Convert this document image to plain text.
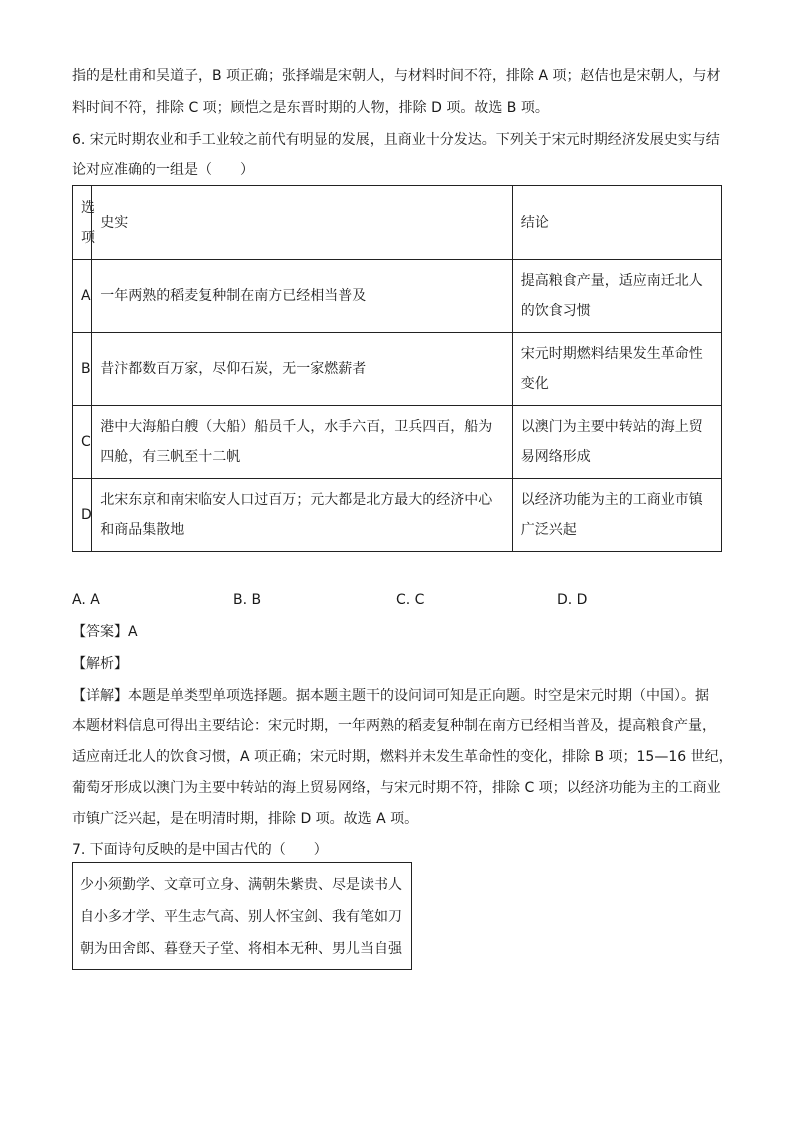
指的是杜甫和吴道子，B 项正确；张择端是宋朝人，与材料时间不符，排除 A 项；赵佶也是宋朝人，与材
料时间不符，排除 C 项；顾恺之是东晋时期的人物，排除 D 项。故选 B 项。
6. 宋元时期农业和手工业较之前代有明显的发展，且商业十分发达。下列关于宋元时期经济发展史实与结
论对应准确的一组是（　　）
选项	史实	结论
A	一年两熟的稻麦复种制在南方已经相当普及	提高粮食产量，适应南迁北人的饮食习惯
B	昔汴都数百万家，尽仰石炭，无一家燃薪者	宋元时期燃料结果发生革命性变化
C	港中大海船白艘（大船）船员千人，水手六百，卫兵四百，船为四舱，有三帆至十二帆	以澳门为主要中转站的海上贸易网络形成
D	北宋东京和南宋临安人口过百万；元大都是北方最大的经济中心和商品集散地	以经济功能为主的工商业市镇广泛兴起
A. A	B. B	C. C	D. D
【答案】A
【解析】
【详解】本题是单类型单项选择题。据本题主题干的设问词可知是正向题。时空是宋元时期（中国）。据
本题材料信息可得出主要结论：宋元时期，一年两熟的稻麦复种制在南方已经相当普及，提高粮食产量，
适应南迁北人的饮食习惯，A 项正确；宋元时期，燃料并未发生革命性的变化，排除 B 项；15—16 世纪，
葡萄牙形成以澳门为主要中转站的海上贸易网络，与宋元时期不符，排除 C 项；以经济功能为主的工商业
市镇广泛兴起，是在明清时期，排除 D 项。故选 A 项。
7. 下面诗句反映的是中国古代的（　　）
少小须勤学、文章可立身、满朝朱紫贵、尽是读书人
自小多才学、平生志气高、别人怀宝剑、我有笔如刀
朝为田舍郎、暮登天子堂、将相本无种、男儿当自强
